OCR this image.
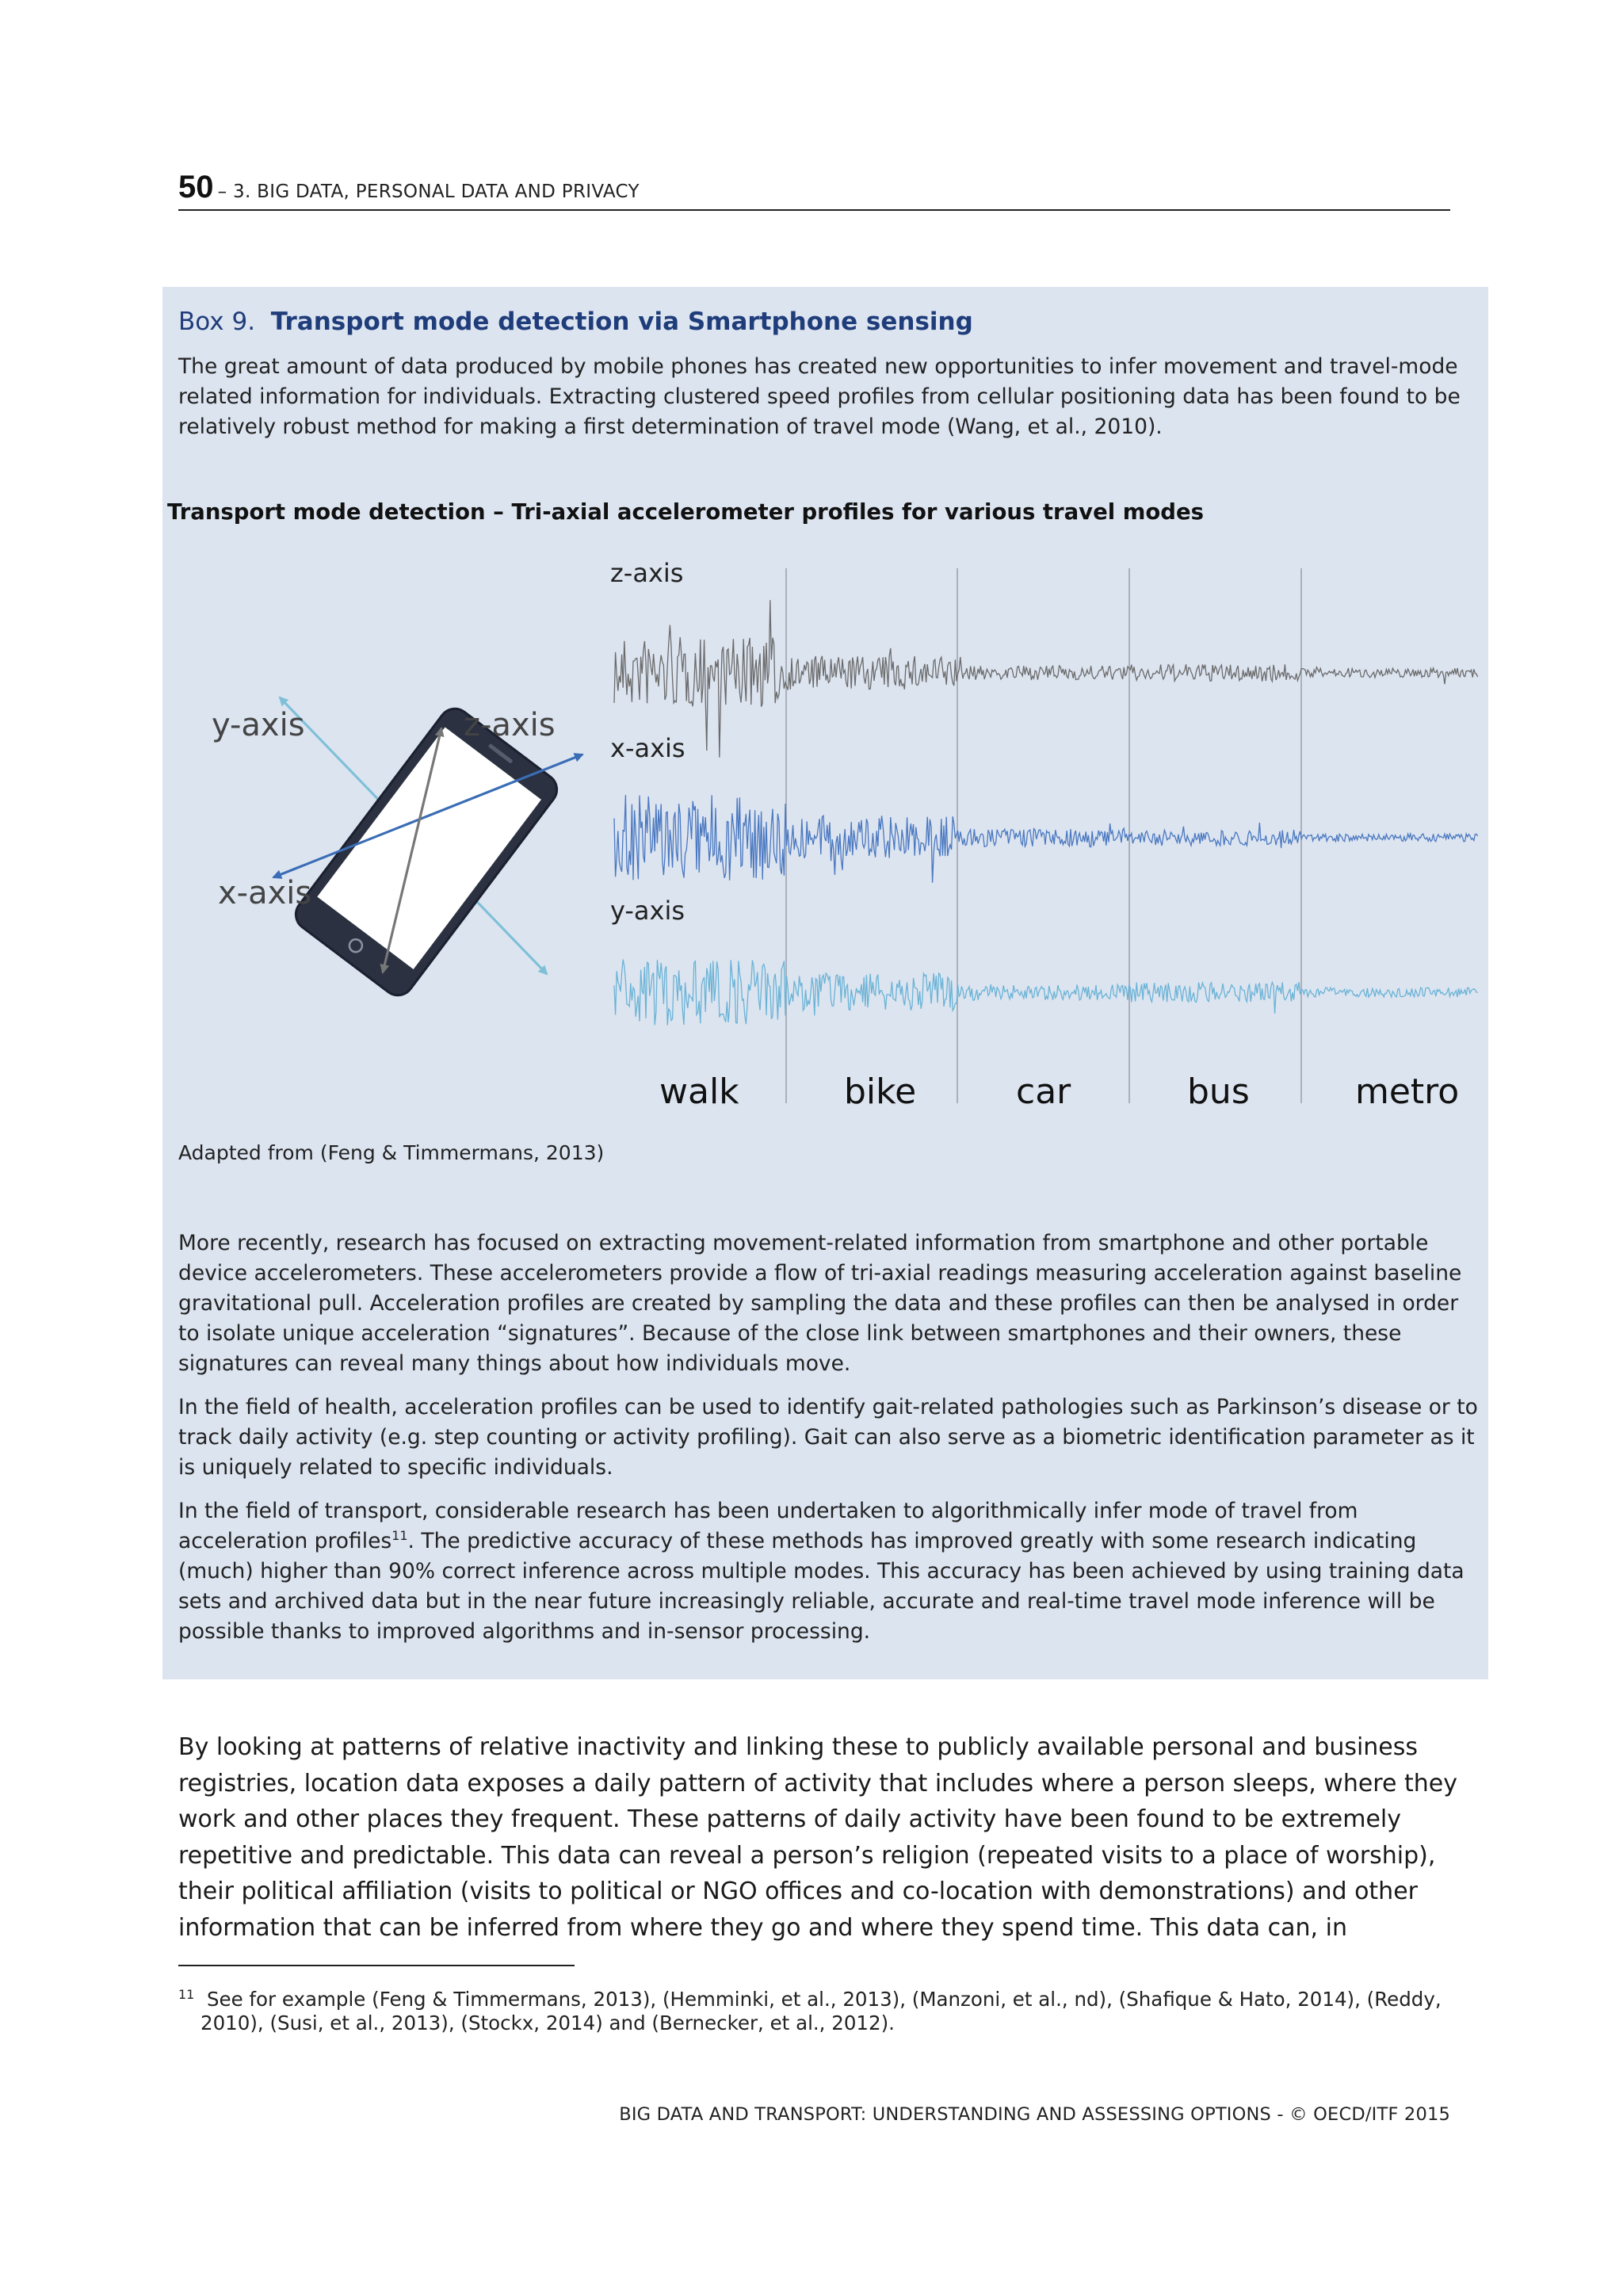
50 – 3. BIG DATA, PERSONAL DATA AND PRIVACY
Box 9. Transport mode detection via Smartphone sensing

The great amount of data produced by mobile phones has created new opportunities to infer movement and travel-mode related information for individuals. Extracting clustered speed profiles from cellular positioning data has been found to be relatively robust method for making a first determination of travel mode (Wang, et al., 2010).

Transport mode detection – Tri-axial accelerometer profiles for various travel modes
z-axis
x-axis
y-axis
walk	bike	car	bus	metro
y-axis	z-axis
x-axis
Adapted from (Feng & Timmermans, 2013)

More recently, research has focused on extracting movement-related information from smartphone and other portable device accelerometers. These accelerometers provide a flow of tri-axial readings measuring acceleration against baseline gravitational pull. Acceleration profiles are created by sampling the data and these profiles can then be analysed in order to isolate unique acceleration “signatures”. Because of the close link between smartphones and their owners, these signatures can reveal many things about how individuals move.

In the field of health, acceleration profiles can be used to identify gait-related pathologies such as Parkinson’s disease or to track daily activity (e.g. step counting or activity profiling). Gait can also serve as a biometric identification parameter as it is uniquely related to specific individuals.

In the field of transport, considerable research has been undertaken to algorithmically infer mode of travel from acceleration profiles$^{11}$. The predictive accuracy of these methods has improved greatly with some research indicating (much) higher than 90% correct inference across multiple modes. This accuracy has been achieved by using training data sets and archived data but in the near future increasingly reliable, accurate and real-time travel mode inference will be possible thanks to improved algorithms and in-sensor processing.

By looking at patterns of relative inactivity and linking these to publicly available personal and business registries, location data exposes a daily pattern of activity that includes where a person sleeps, where they work and other places they frequent. These patterns of daily activity have been found to be extremely repetitive and predictable. This data can reveal a person’s religion (repeated visits to a place of worship), their political affiliation (visits to political or NGO offices and co-location with demonstrations) and other information that can be inferred from where they go and where they spend time. This data can, in

$^{11}$ See for example (Feng & Timmermans, 2013), (Hemminki, et al., 2013), (Manzoni, et al., nd), (Shafique & Hato, 2014), (Reddy, 2010), (Susi, et al., 2013), (Stockx, 2014) and (Bernecker, et al., 2012).

BIG DATA AND TRANSPORT: UNDERSTANDING AND ASSESSING OPTIONS - © OECD/ITF 2015
